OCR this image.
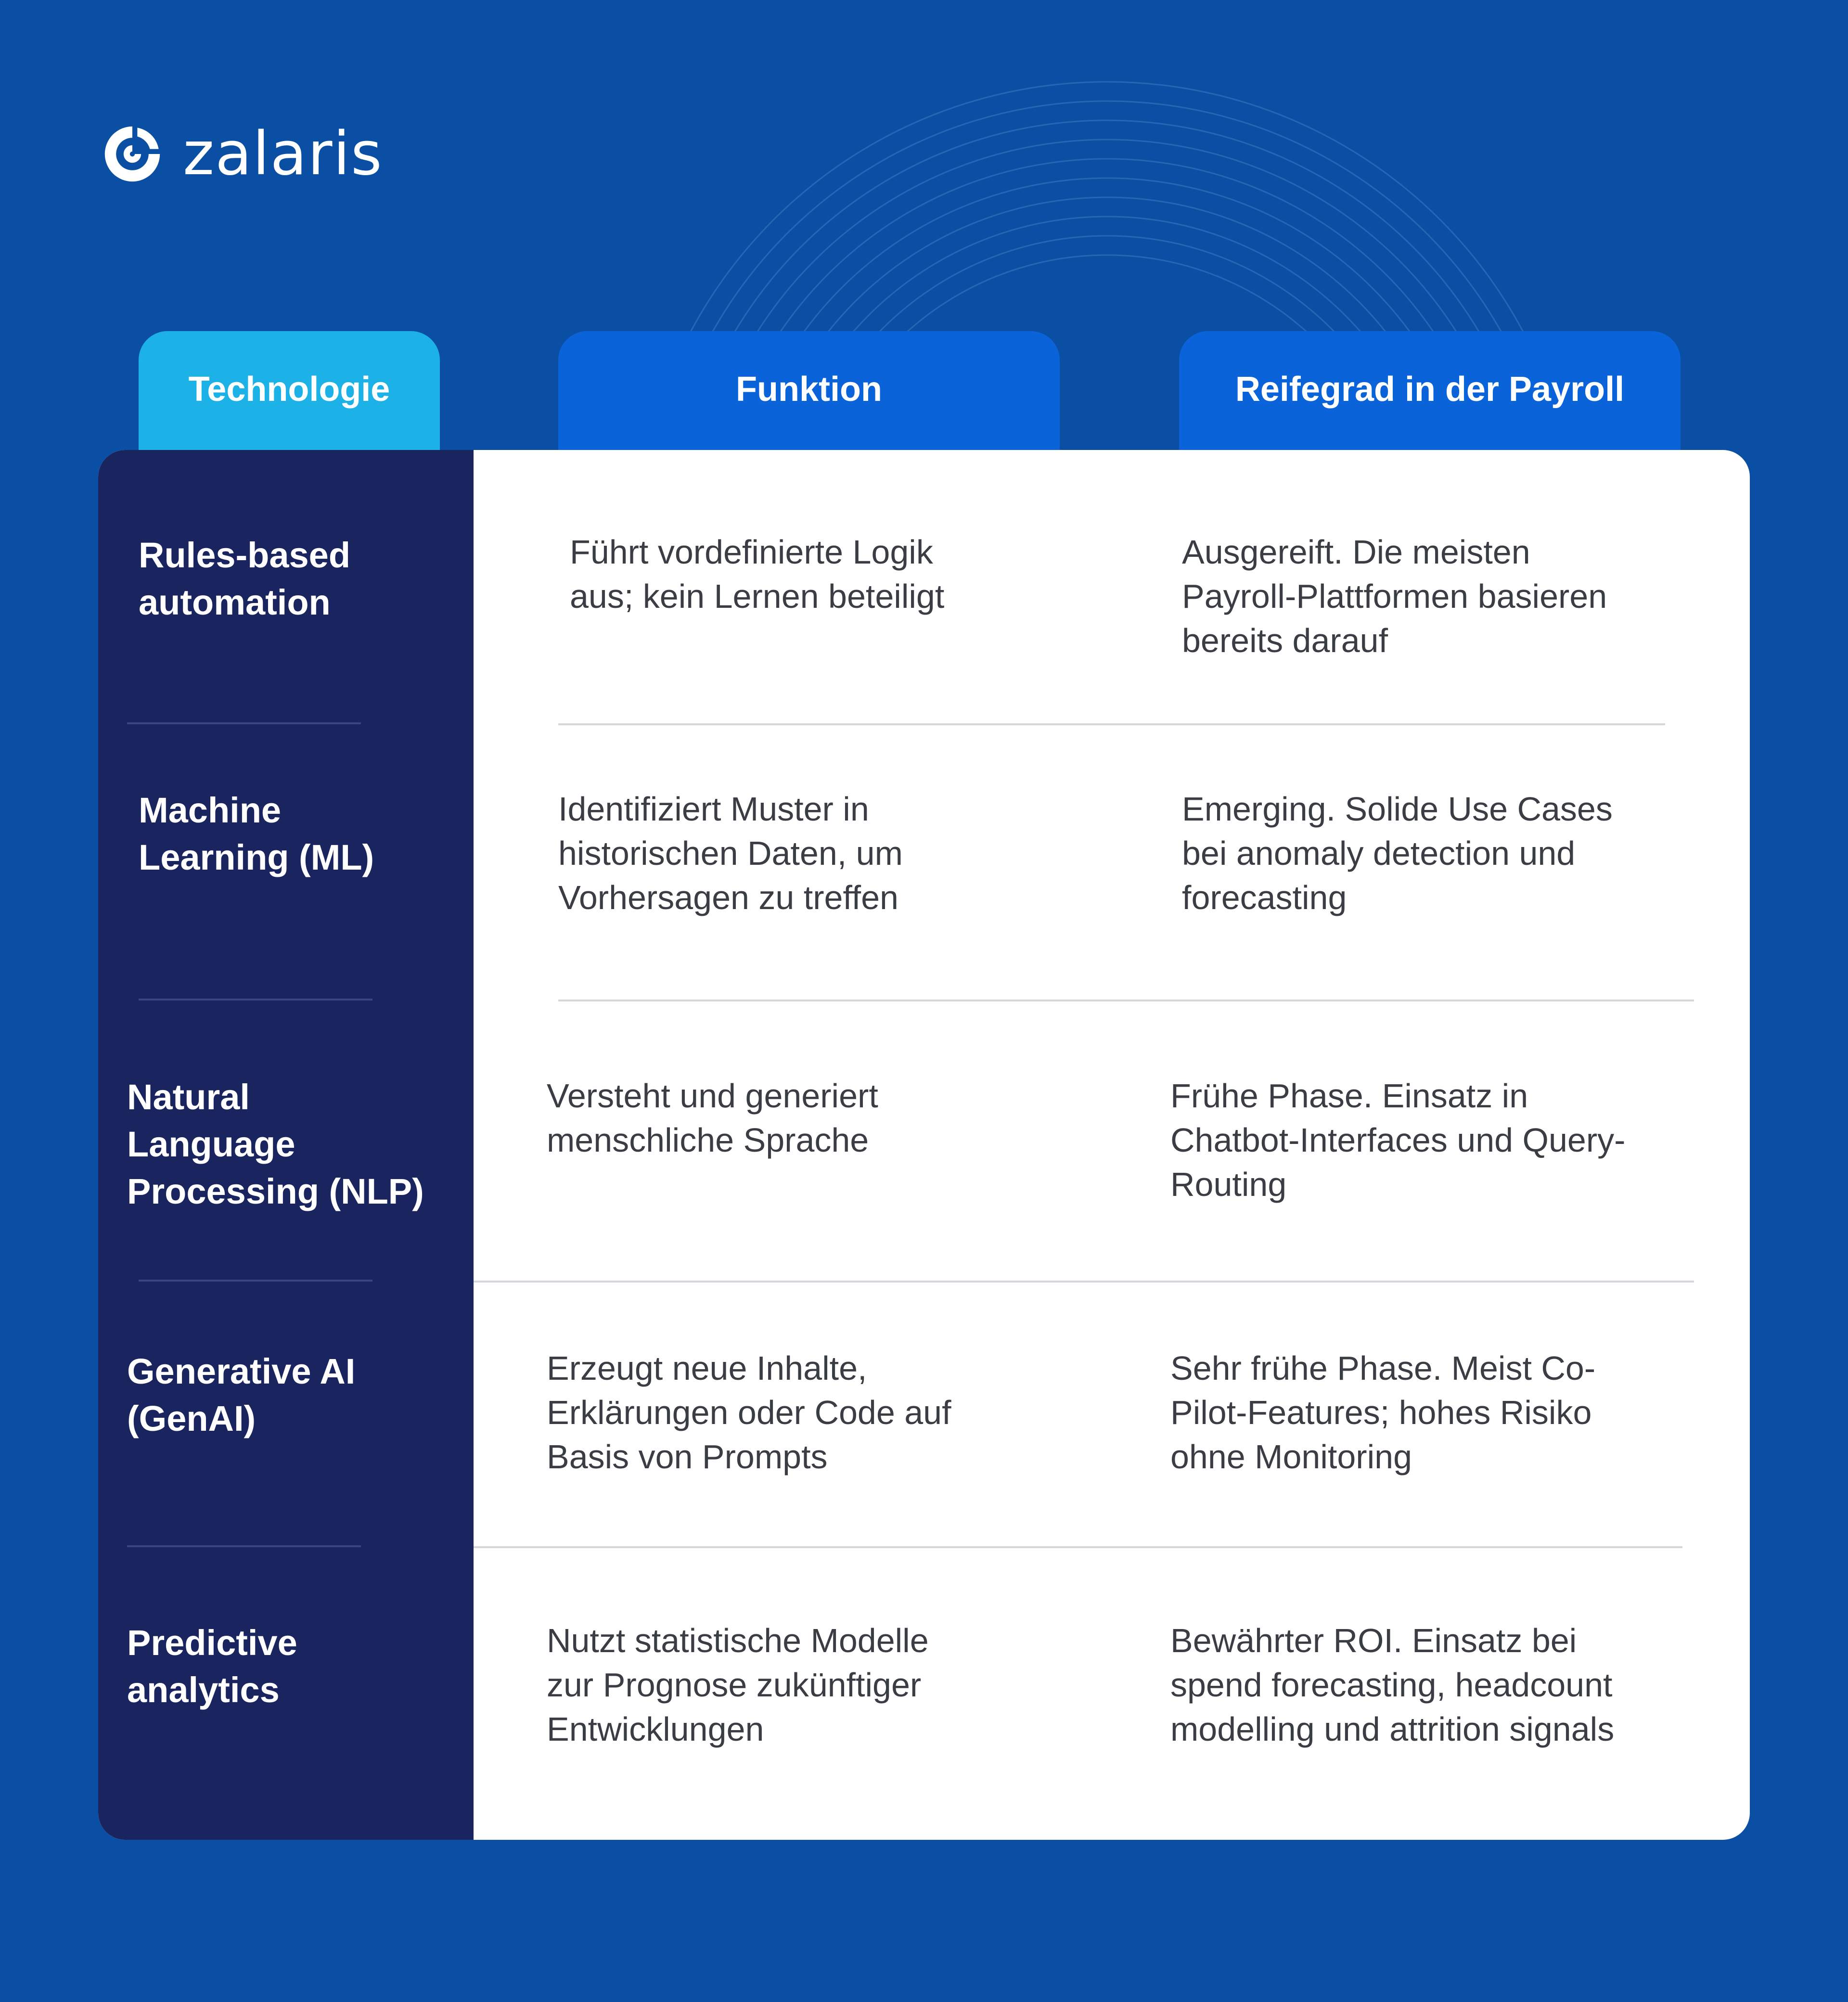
zalaris
Technologie	Funktion	Reifegrad in der Payroll
Rules-based
automation
Führt vordefinierte Logik
aus; kein Lernen beteiligt
Ausgereift. Die meisten
Payroll-Plattformen basieren
bereits darauf
Machine
Learning (ML)
Identifiziert Muster in
historischen Daten, um
Vorhersagen zu treffen
Emerging. Solide Use Cases
bei anomaly detection und
forecasting
Natural
Language
Processing (NLP)
Versteht und generiert
menschliche Sprache
Frühe Phase. Einsatz in
Chatbot-Interfaces und Query-
Routing
Generative AI
(GenAI)
Erzeugt neue Inhalte,
Erklärungen oder Code auf
Basis von Prompts
Sehr frühe Phase. Meist Co-
Pilot-Features; hohes Risiko
ohne Monitoring
Predictive
analytics
Nutzt statistische Modelle
zur Prognose zukünftiger
Entwicklungen
Bewährter ROI. Einsatz bei
spend forecasting, headcount
modelling und attrition signals
